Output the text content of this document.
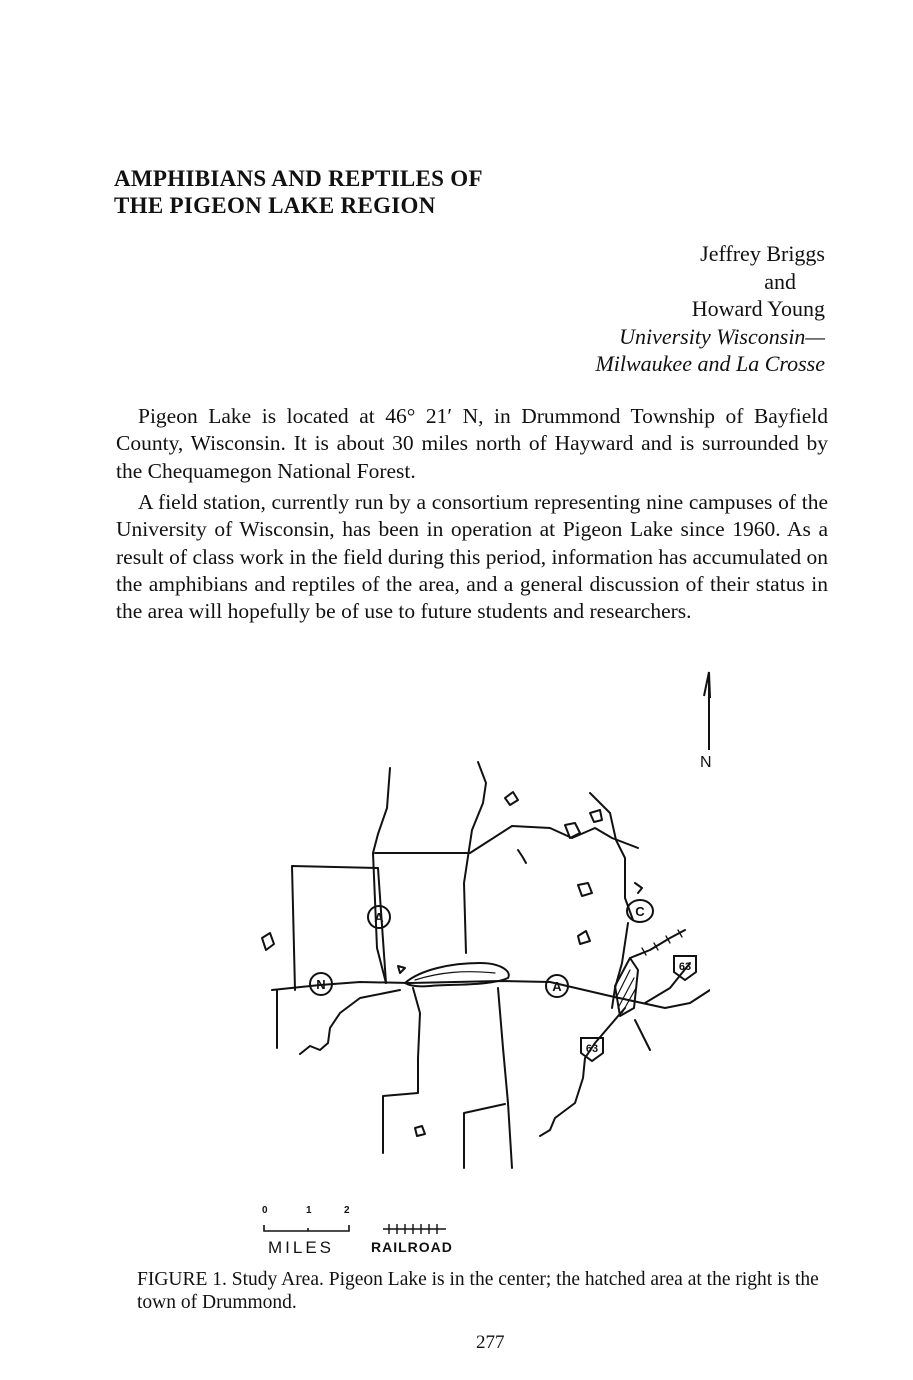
AMPHIBIANS AND REPTILES OF
THE PIGEON LAKE REGION
Jeffrey Briggs
and
Howard Young
University Wisconsin—
Milwaukee and La Crosse

Pigeon Lake is located at 46° 21′ N, in Drummond Township of Bayfield County, Wisconsin. It is about 30 miles north of Hayward and is surrounded by the Chequamegon National Forest.

A field station, currently run by a consortium representing nine campuses of the University of Wisconsin, has been in operation at Pigeon Lake since 1960. As a result of class work in the field during this period, information has accumulated on the amphibians and reptiles of the area, and a general discussion of their status in the area will hopefully be of use to future students and researchers.

N
A
N	A
C
63
63
0	1	2
MILES	RAILROAD

FIGURE 1. Study Area. Pigeon Lake is in the center; the hatched area at the right is the town of Drummond.

277
